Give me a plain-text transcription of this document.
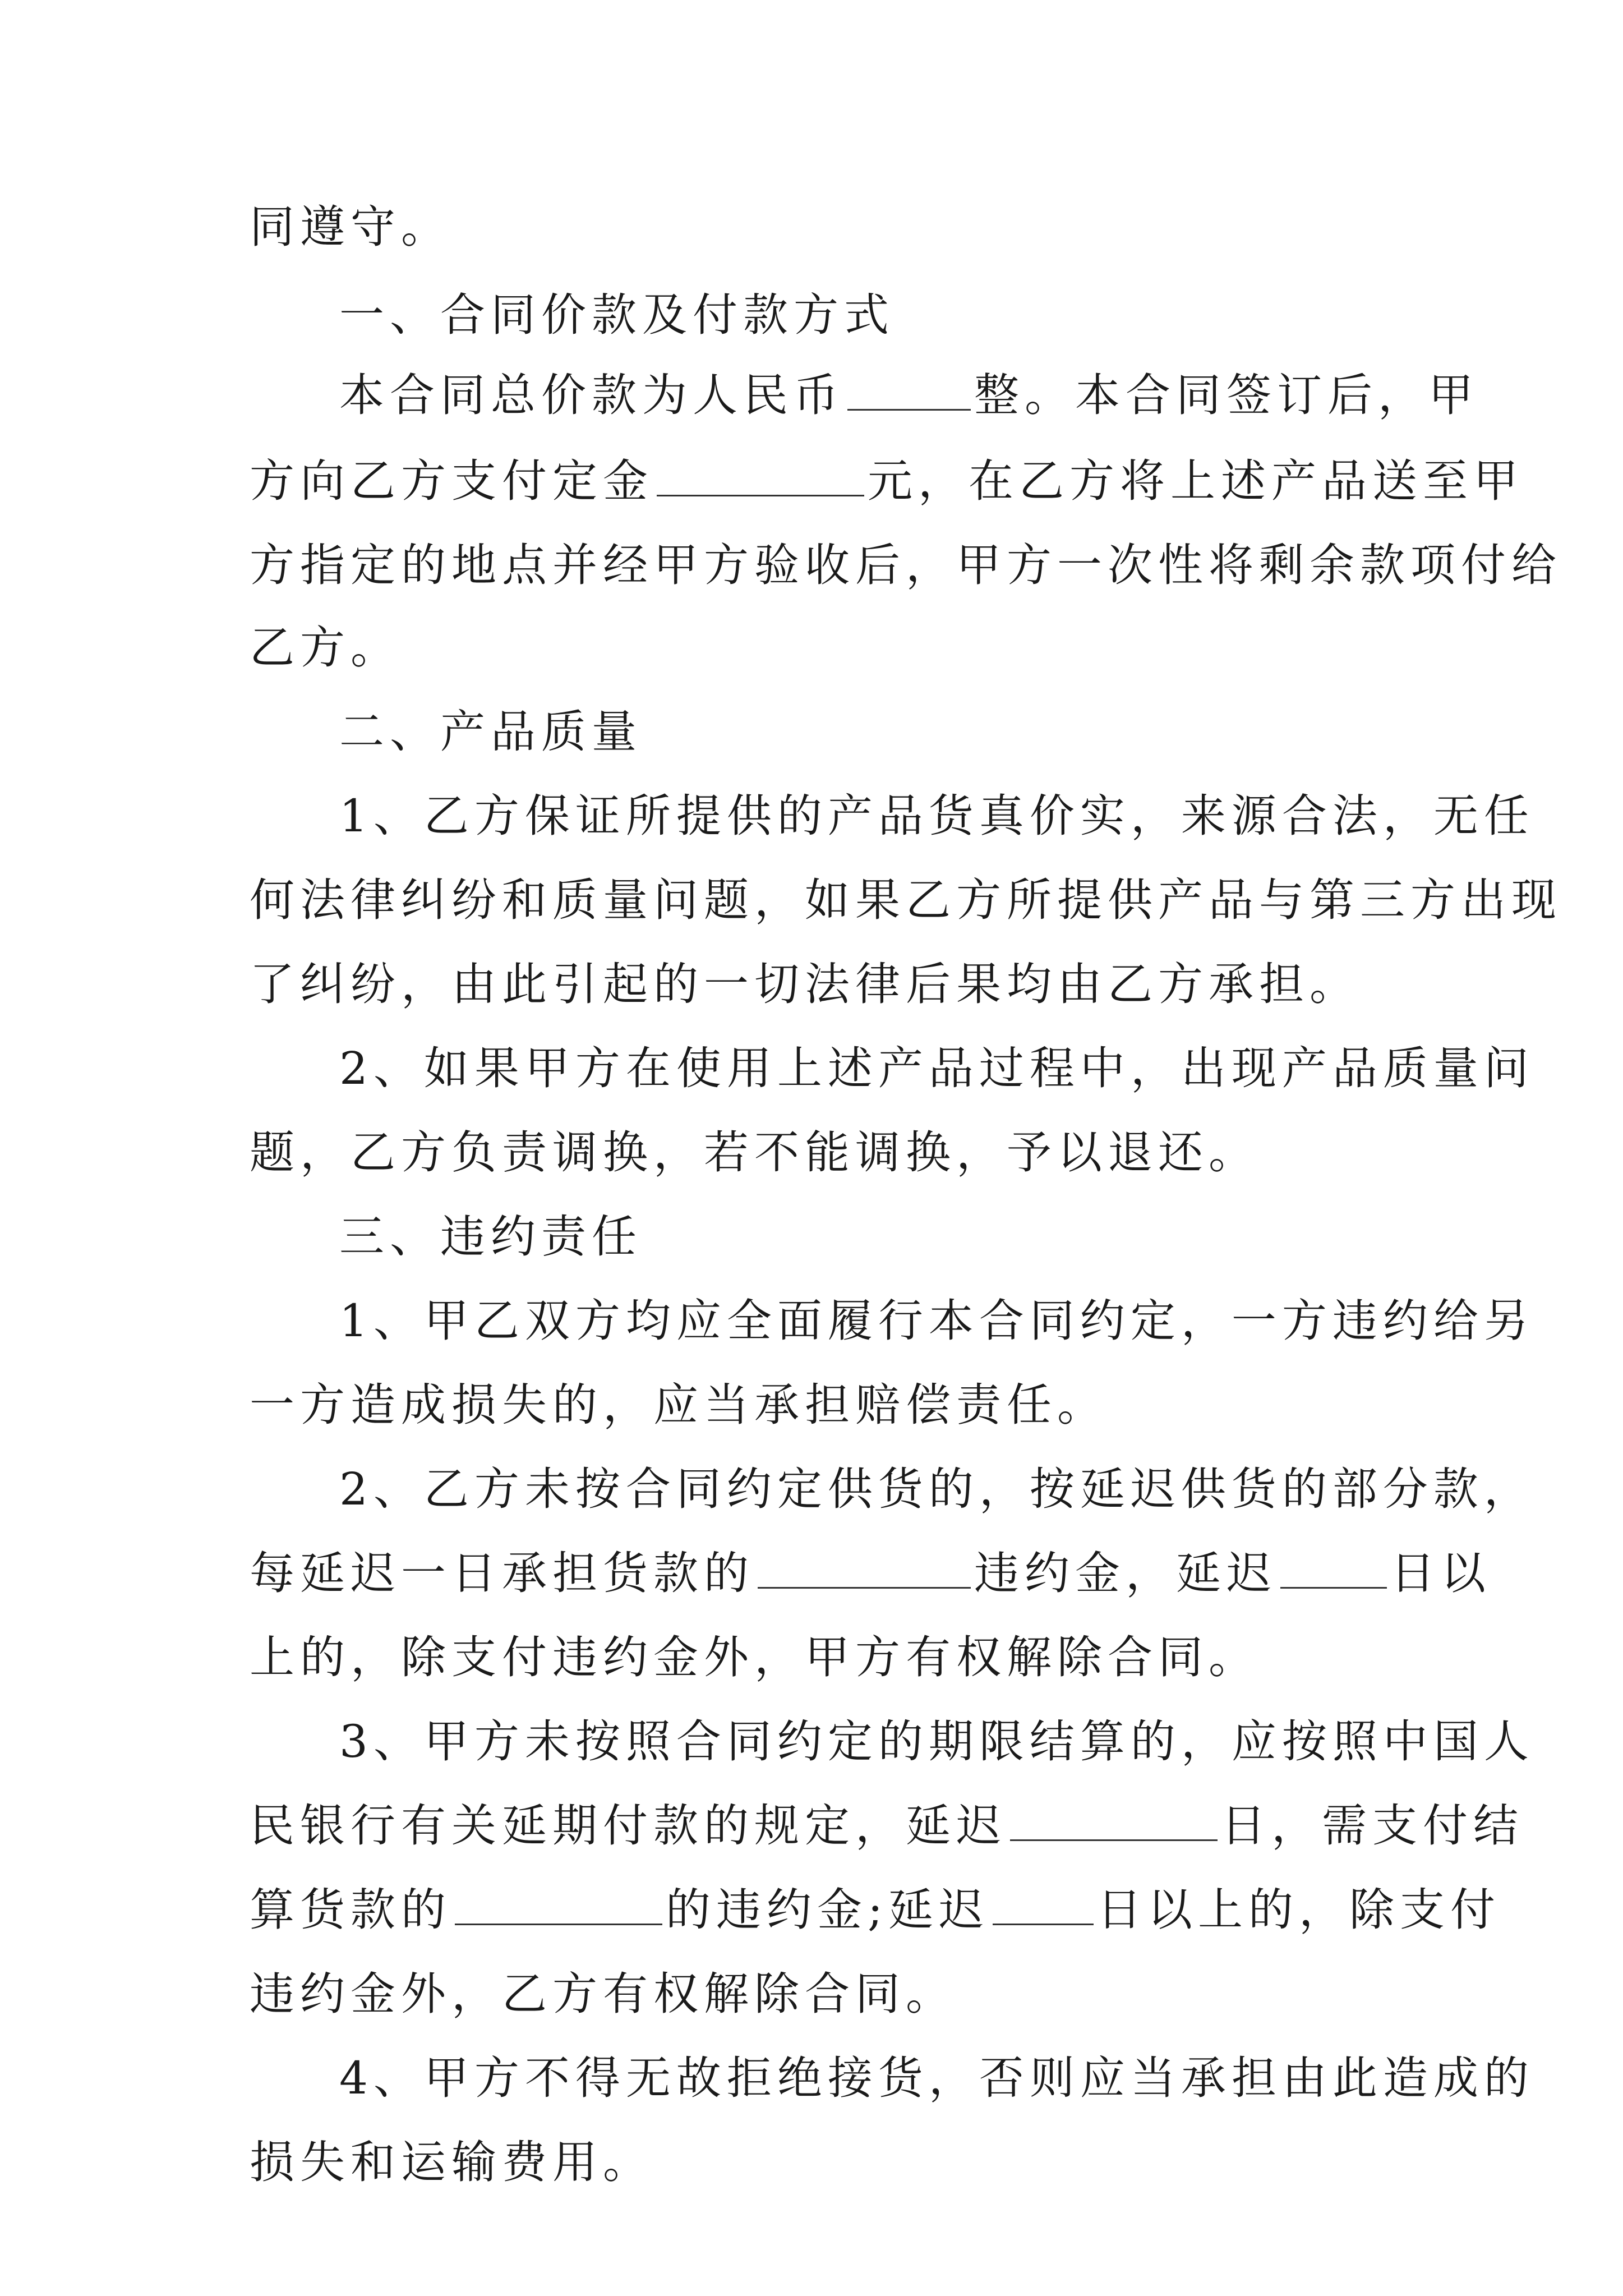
同遵守。
一、合同价款及付款方式
本合同总价款为人民币	整。本合同签订后，甲
方向乙方支付定金	元，在乙方将上述产品送至甲
方指定的地点并经甲方验收后，甲方一次性将剩余款项付给
乙方。
二、产品质量
1、乙方保证所提供的产品货真价实，来源合法，无任
何法律纠纷和质量问题，如果乙方所提供产品与第三方出现
了纠纷，由此引起的一切法律后果均由乙方承担。
2、如果甲方在使用上述产品过程中，出现产品质量问
题，乙方负责调换，若不能调换，予以退还。
三、违约责任
1、甲乙双方均应全面履行本合同约定，一方违约给另
一方造成损失的，应当承担赔偿责任。
2、乙方未按合同约定供货的，按延迟供货的部分款，
每延迟一日承担货款的	违约金，延迟	日以
上的，除支付违约金外，甲方有权解除合同。
3、甲方未按照合同约定的期限结算的，应按照中国人
民银行有关延期付款的规定，延迟	日，需支付结
算货款的	的违约金;延迟 日以上的，除支付
违约金外，乙方有权解除合同。
4、甲方不得无故拒绝接货，否则应当承担由此造成的
损失和运输费用。
